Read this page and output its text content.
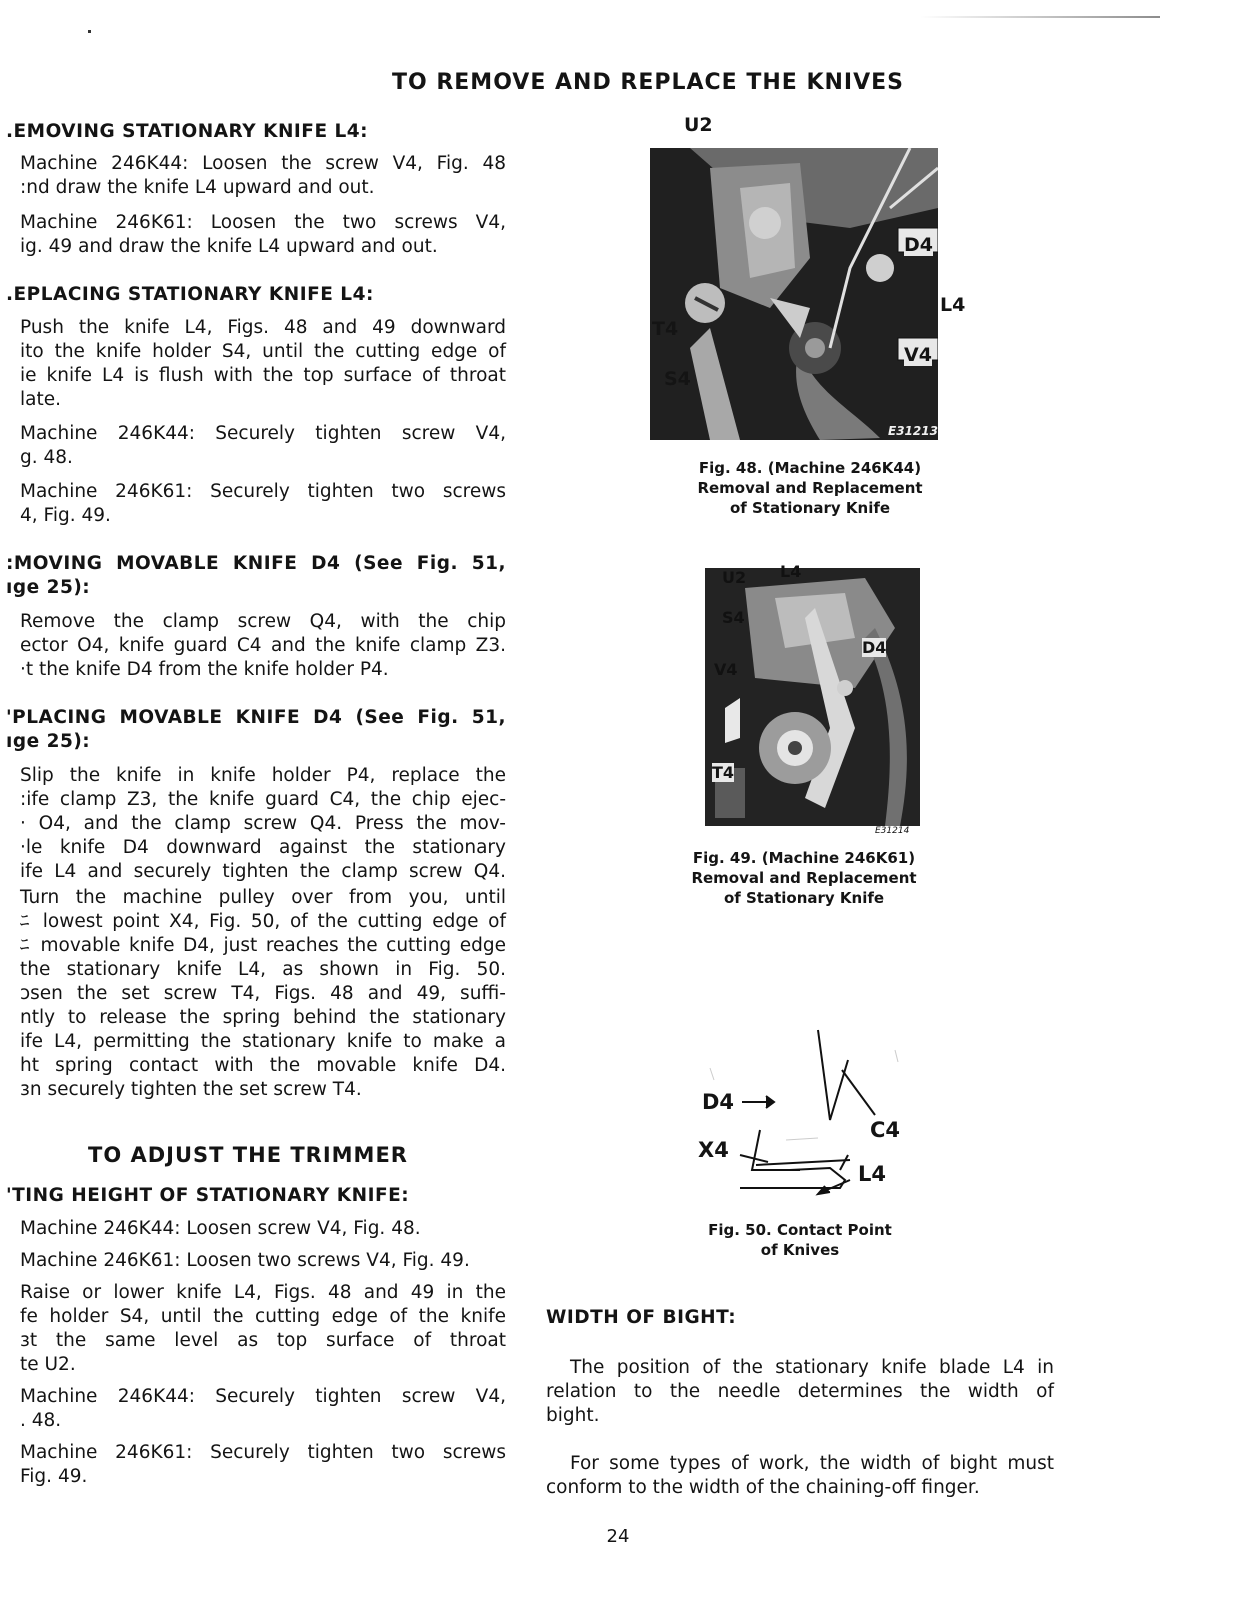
TO REMOVE AND REPLACE THE KNIVES
.EMOVING STATIONARY KNIFE L4:
Machine 246K44: Loosen the screw V4, Fig. 48
:nd draw the knife L4 upward and out.
Machine 246K61: Loosen the two screws V4,
ig. 49 and draw the knife L4 upward and out.
.EPLACING STATIONARY KNIFE L4:
Push the knife L4, Figs. 48 and 49 downward
ito the knife holder S4, until the cutting edge of
ie knife L4 is flush with the top surface of throat
late.
Machine 246K44: Securely tighten screw V4,
g. 48.
Machine 246K61: Securely tighten two screws
4, Fig. 49.
:MOVING MOVABLE KNIFE D4 (See Fig. 51,
ıge 25):
Remove the clamp screw Q4, with the chip
ector O4, knife guard C4 and the knife clamp Z3.
·t the knife D4 from the knife holder P4.
'PLACING MOVABLE KNIFE D4 (See Fig. 51,
ıge 25):
Slip the knife in knife holder P4, replace the
:ife clamp Z3, the knife guard C4, the chip ejec-
· O4, and the clamp screw Q4. Press the mov-
·le knife D4 downward against the stationary
ife L4 and securely tighten the clamp screw Q4.
Turn the machine pulley over from you, until
ﾆ lowest point X4, Fig. 50, of the cutting edge of
ﾆ movable knife D4, just reaches the cutting edge
the stationary knife L4, as shown in Fig. 50.
ɔsen the set screw T4, Figs. 48 and 49, suffi-
ntly to release the spring behind the stationary
ife L4, permitting the stationary knife to make a
ht spring contact with the movable knife D4.
ɜn securely tighten the set screw T4.
TO ADJUST THE TRIMMER
'TING HEIGHT OF STATIONARY KNIFE:
Machine 246K44: Loosen screw V4, Fig. 48.
Machine 246K61: Loosen two screws V4, Fig. 49.
Raise or lower knife L4, Figs. 48 and 49 in the
fe holder S4, until the cutting edge of the knife
ɜt the same level as top surface of throat
te U2.
Machine 246K44: Securely tighten screw V4,
. 48.
Machine 246K61: Securely tighten two screws
Fig. 49.
U2
D4
L4
T4
V4
S4
E31213
Fig. 48. (Machine 246K44)
Removal and Replacement
of Stationary Knife
U2 L4
S4
D4
V4
T4
E31214
Fig. 49. (Machine 246K61)
Removal and Replacement
of Stationary Knife
D4
X4
C4
L4
Fig. 50. Contact Point
of Knives
WIDTH OF BIGHT:
The position of the stationary knife blade L4 in
relation to the needle determines the width of
bight.
For some types of work, the width of bight must
conform to the width of the chaining-off finger.
24
